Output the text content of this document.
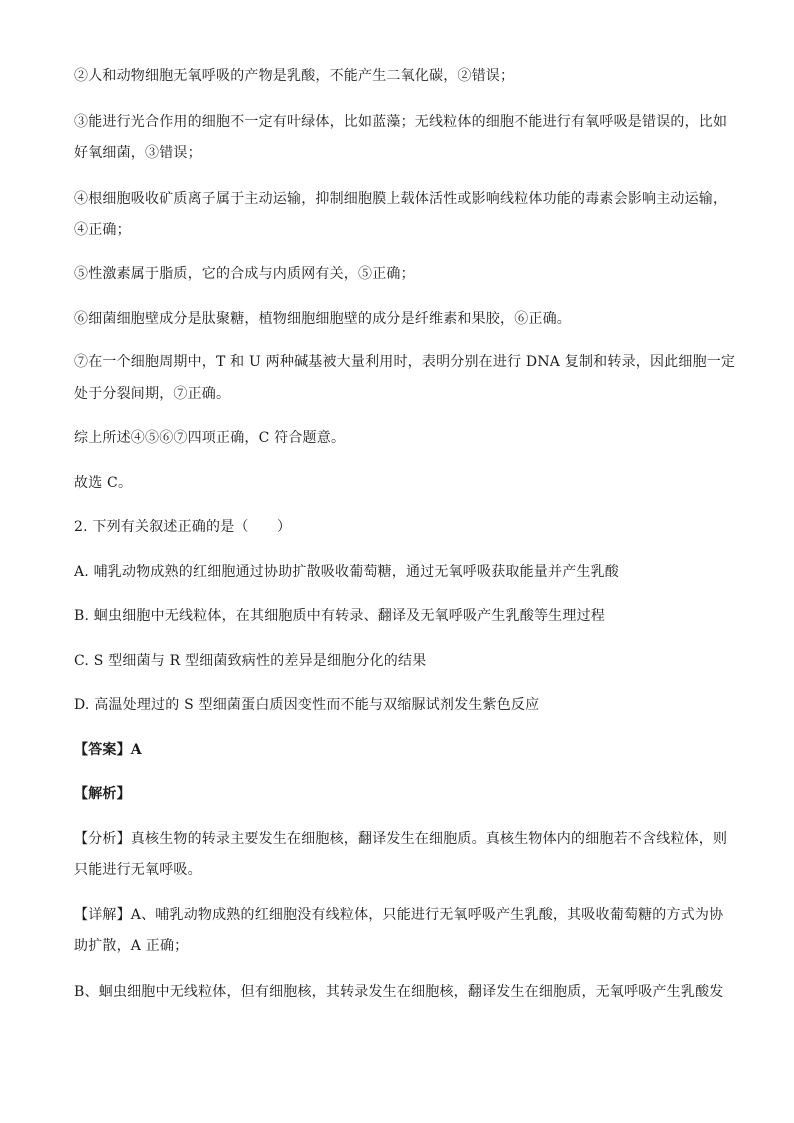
②人和动物细胞无氧呼吸的产物是乳酸，不能产生二氧化碳，②错误；
③能进行光合作用的细胞不一定有叶绿体，比如蓝藻；无线粒体的细胞不能进行有氧呼吸是错误的，比如
好氧细菌，③错误；
④根细胞吸收矿质离子属于主动运输，抑制细胞膜上载体活性或影响线粒体功能的毒素会影响主动运输，
④正确；
⑤性激素属于脂质，它的合成与内质网有关，⑤正确；
⑥细菌细胞壁成分是肽聚糖，植物细胞细胞壁的成分是纤维素和果胶，⑥正确。
⑦在一个细胞周期中，T 和 U 两种碱基被大量利用时，表明分别在进行 DNA 复制和转录，因此细胞一定
处于分裂间期，⑦正确。
综上所述④⑤⑥⑦四项正确，C 符合题意。
故选 C。
2. 下列有关叙述正确的是（　　）
A. 哺乳动物成熟的红细胞通过协助扩散吸收葡萄糖，通过无氧呼吸获取能量并产生乳酸
B. 蛔虫细胞中无线粒体，在其细胞质中有转录、翻译及无氧呼吸产生乳酸等生理过程
C. S 型细菌与 R 型细菌致病性的差异是细胞分化的结果
D. 高温处理过的 S 型细菌蛋白质因变性而不能与双缩脲试剂发生紫色反应
【答案】A
【解析】
【分析】真核生物的转录主要发生在细胞核，翻译发生在细胞质。真核生物体内的细胞若不含线粒体，则
只能进行无氧呼吸。
【详解】A、哺乳动物成熟的红细胞没有线粒体，只能进行无氧呼吸产生乳酸，其吸收葡萄糖的方式为协
助扩散，A 正确；
B、蛔虫细胞中无线粒体，但有细胞核，其转录发生在细胞核，翻译发生在细胞质，无氧呼吸产生乳酸发
